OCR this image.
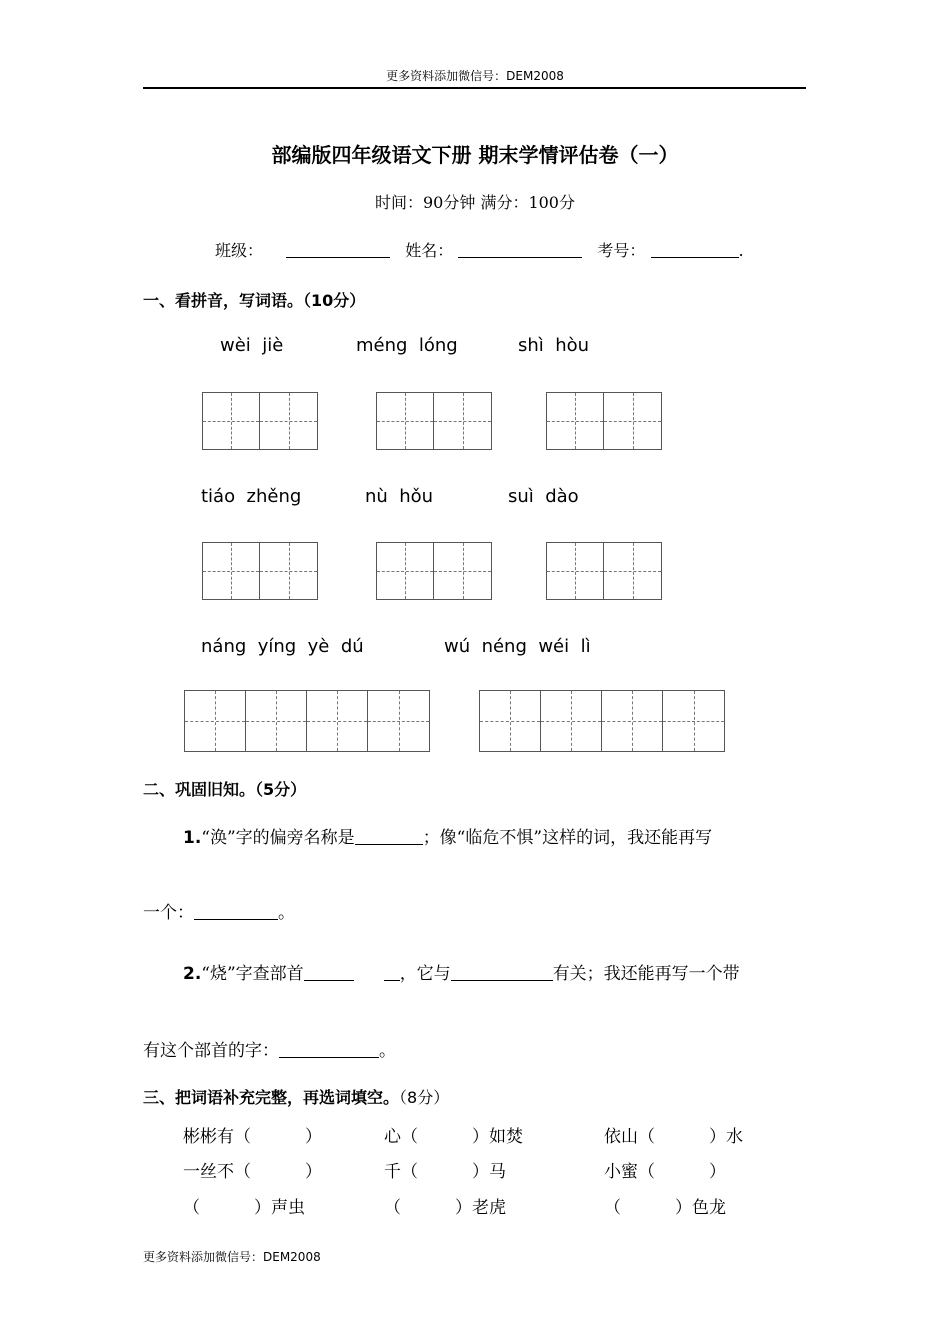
更多资料添加微信号：DEM2008
部编版四年级语文下册 期末学情评估卷（一）
时间：90分钟 满分：100分
班级：	姓名：	考号：	.
一、看拼音，写词语。（10分）
wèi  jiè	méng  lóng	shì  hòu
tiáo  zhěng	nù  hǒu	suì  dào
náng  yíng  yè  dú	wú  néng  wéi  lì
二、巩固旧知。（5分）
1.“涣”字的偏旁名称是	；像“临危不惧”这样的词，我还能再写
一个：	。
2.“烧”字查部首	，它与	有关；我还能再写一个带
有这个部首的字：	。
三、把词语补充完整，再选词填空。（8分）
彬彬有（          ）	心（          ）如焚	依山（          ）水
一丝不（          ）	千（          ）马	小蜜（          ）
（          ）声虫	（          ）老虎	（          ）色龙
更多资料添加微信号：DEM2008
